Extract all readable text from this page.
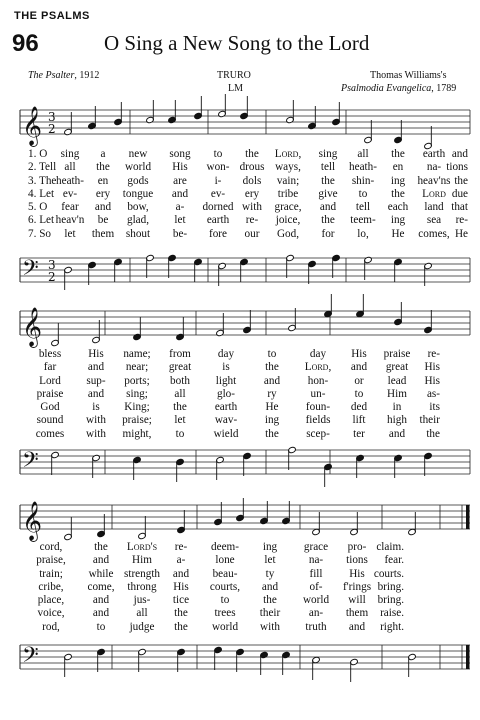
THE PSALMS
96	O Sing a New Song to the Lord
The Psalter, 1912	TRURO
LM
Thomas Williams's
Psalmodia Evangelica, 1789
𝄞
𝄢
3
2
3
2
𝄞
𝄢
𝄞
𝄢
1. O sing a new song to the Lord, sing all the earth and
2. Tell all the world His won- drous ways, tell heath- en na- tions
3. The heath- en gods are i- dols vain; the shin- ing heav'ns the
4. Let ev- ery tongue and ev- ery tribe give to the Lord due
5. O fear and bow, a- dorned with grace, and tell each land that
6. Let heav'n be glad, let earth re- joice, the teem- ing sea re-
7. So let them shout be- fore our God, for lo, He comes, He
bless His name; from day	to	day His praise re-
far	and near; great	is	the Lord, and great His
Lord sup- ports; both light and hon- or lead His
praise and sing; all	glo-	ry	un-	to Him as-
God	is King; the earth	He foun- ded in	its
sound with praise; let	wav- ing fields lift high their
comes with might, to	wield the scep- ter and the
cord,	the Lord's re- deem- ing grace pro- claim.
praise, and Him a-	lone	let	na- tions fear.
train; while strength and beau-	ty	fill His courts.
cribe, come, throng His courts, and	of- f'rings bring.
place,	and jus- tice	to	the world will bring.
voice,	and all the trees their	an- them raise.
rod,	to judge the world with truth and right.
